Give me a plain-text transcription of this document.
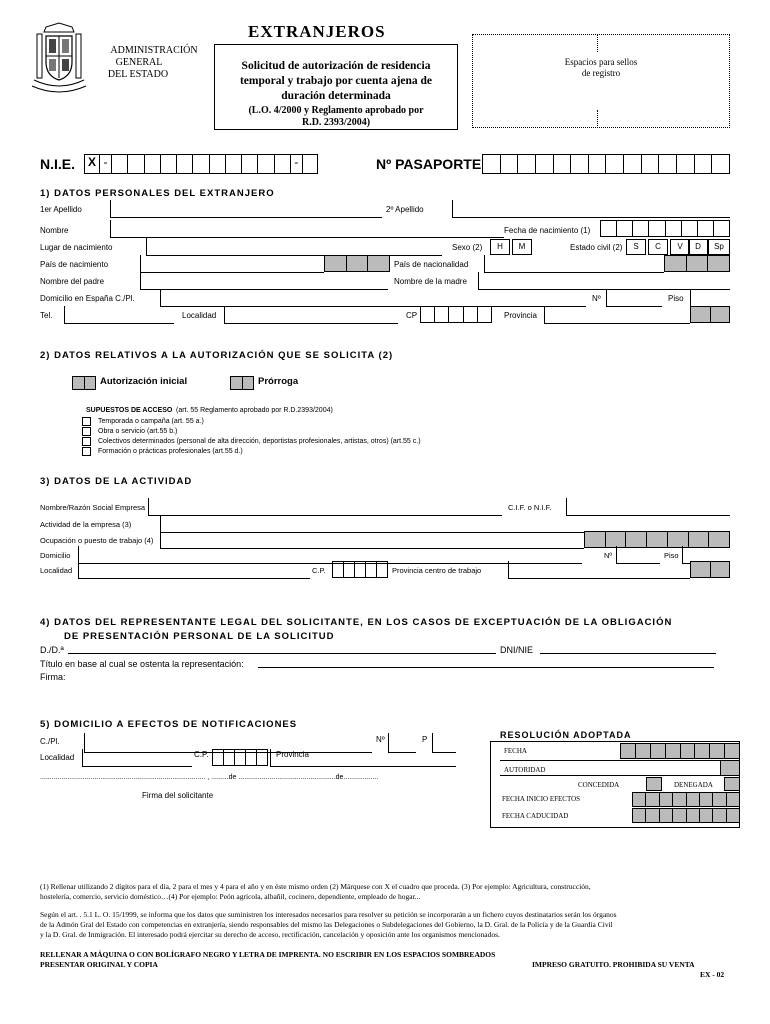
ADMINISTRACIÓN
GENERAL
DEL ESTADO
EXTRANJEROS
Solicitud de autorización de residencia
temporal y trabajo por cuenta ajena de
duración determinada
(L.O. 4/2000 y Reglamento aprobado por
R.D. 2393/2004)
Espacios para sellos
de registro
N.I.E. X -	-	Nº PASAPORTE
1) DATOS PERSONALES DEL EXTRANJERO
1er Apellido	2º Apellido
Nombre	Fecha de nacimiento (1)
Lugar de nacimiento	Sexo (2)	H	M	Estado civil (2)	S	C	V	D	Sp
País de nacimiento	País de nacionalidad
Nombre del padre	Nombre de la madre
Domicilio en España C./Pl.	Nº	Piso
Tel.	Localidad	CP	Provincia
2) DATOS RELATIVOS A LA AUTORIZACIÓN QUE SE SOLICITA (2)
Autorización inicial	Prórroga
SUPUESTOS DE ACCESO (art. 55 Reglamento aprobado por R.D.2393/2004)
Temporada o campaña (art. 55 a.)
Obra o servicio (art.55 b.)
Colectivos determinados (personal de alta dirección, deportistas profesionales, artistas, otros) (art.55 c.)
Formación o prácticas profesionales (art.55 d.)
3) DATOS DE LA ACTIVIDAD
Nombre/Razón Social Empresa	C.I.F. o N.I.F.
Actividad de la empresa (3)
Ocupación o puesto de trabajo (4)
Domicilio	Nº	Piso
Localidad	C.P.	Provincia centro de trabajo
4) DATOS DEL REPRESENTANTE LEGAL DEL SOLICITANTE, EN LOS CASOS DE EXCEPTUACIÓN DE LA OBLIGACIÓN
DE PRESENTACIÓN PERSONAL DE LA SOLICITUD
D./D.ª	DNI/NIE
Título en base al cual se ostenta la representación:
Firma:
5) DOMICILIO A EFECTOS DE NOTIFICACIONES
C./Pl.	Nº	P
Localidad	C.P.	Provincia
..................................................................................... , .........de ..................................................de..................
Firma del solicitante
RESOLUCIÓN ADOPTADA
FECHA
AUTORIDAD
CONCEDIDA	DENEGADA
FECHA INICIO EFECTOS
FECHA CADUCIDAD
(1) Rellenar utilizando 2 dígitos para el día, 2 para el mes y 4 para el año y en éste mismo orden (2) Márquese con X el cuadro que proceda. (3) Por ejemplo: Agricultura, construcción,
hostelería, comercio, servicio doméstico…(4) Por ejemplo: Peón agrícola, albañil, cocinero, dependiente, empleado de hogar...
Según el art. . 5.1 L. O. 15/1999, se informa que los datos que suministren los interesados necesarios para resolver su petición se incorporarán a un fichero cuyos destinatarios serán los órganos
de la Admón Gral del Estado con competencias en extranjería, siendo responsables del mismo las Delegaciones o Subdelegaciones del Gobierno, la D. Gral. de la Policía y de la Guardia Civil
y la D. Gral. de Inmigración. El interesado podrá ejercitar su derecho de acceso, rectificación, cancelación y oposición ante los organismos mencionados.
RELLENAR A MÁQUINA O CON BOLÍGRAFO NEGRO Y LETRA DE IMPRENTA. NO ESCRIBIR EN LOS ESPACIOS SOMBREADOS
PRESENTAR ORIGINAL Y COPIA	IMPRESO GRATUITO. PROHIBIDA SU VENTA
EX - 02
